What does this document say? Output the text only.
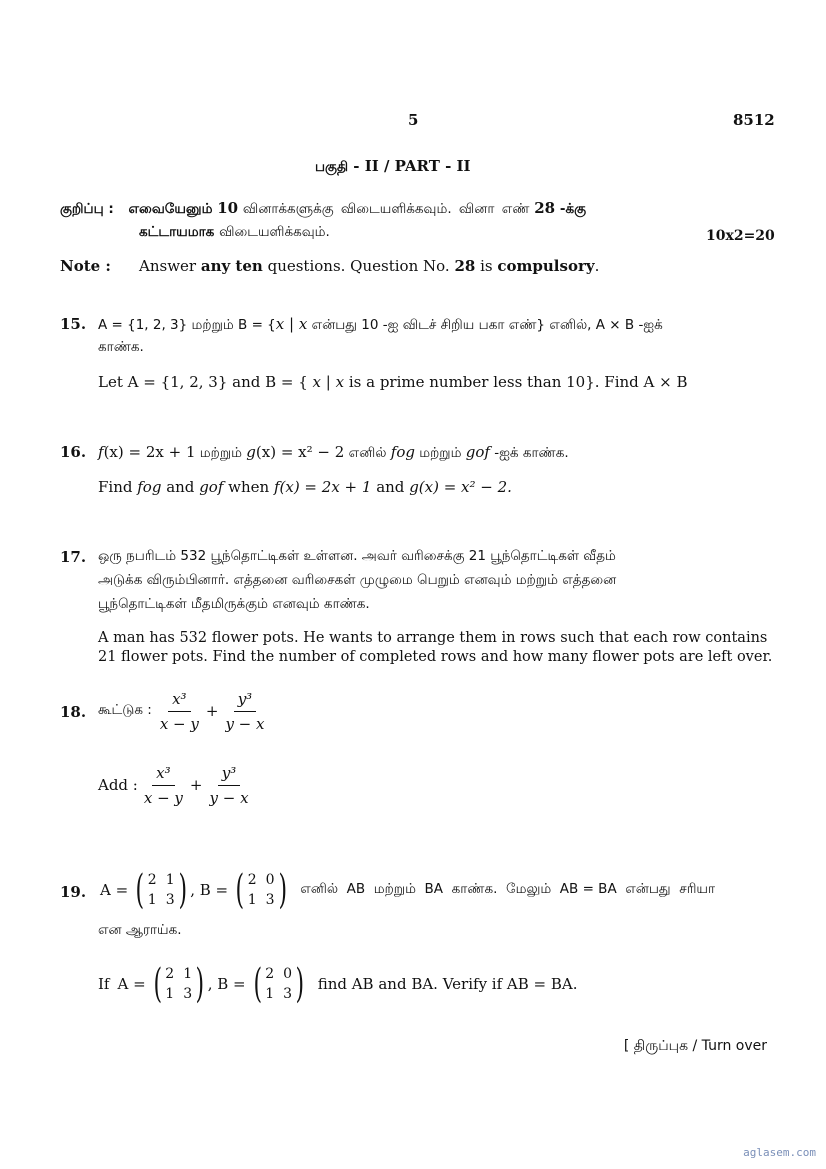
5	8512
பகுதி - II / PART - II
குறிப்பு : எவையேனும் 10 வினாக்களுக்கு விடையளிக்கவும். வினா எண் 28 -க்கு
கட்டாயமாக விடையளிக்கவும்.	10x2=20
Note : Answer any ten questions. Question No. 28 is compulsory.
15. A = {1, 2, 3} மற்றும் B = {x | x என்பது 10 -ஐ விடச் சிறிய பகா எண்} எனில், A × B -ஐக்
காண்க.
Let A = {1, 2, 3} and B = { x | x is a prime number less than 10}. Find A × B
16. f(x) = 2x + 1 மற்றும் g(x) = x² − 2 எனில் fog மற்றும் gof -ஐக் காண்க.
Find fog and gof when f(x) = 2x + 1 and g(x) = x² − 2.
17. ஒரு நபரிடம் 532 பூந்தொட்டிகள் உள்ளன. அவர் வரிசைக்கு 21 பூந்தொட்டிகள் வீதம்
அடுக்க விரும்பினார். எத்தனை வரிசைகள் முழுமை பெறும் எனவும் மற்றும் எத்தனை
பூந்தொட்டிகள் மீதமிருக்கும் எனவும் காண்க.
A man has 532 flower pots. He wants to arrange them in rows such that each row contains
21 flower pots. Find the number of completed rows and how many flower pots are left over.
18. கூட்டுக : $\frac{\text{x³}}{x - y} + \frac{\text{y³}}{y - x}$
Add : $\frac{\text{x³}}{x - y} + \frac{\text{y³}}{y - x}$
19. A = ( 2 1
1 3 ) , B = ( 2 0
1 3 ) எனில்  AB  மற்றும்  BA  காண்க.  மேலும்  AB = BA  என்பது  சரியா
என ஆராய்க.
If A = ( 2 1
1 3 ) , B = ( 2 0
1 3 ) find AB and BA. Verify if AB = BA.
[ திருப்புக / Turn over
aglasem.com
